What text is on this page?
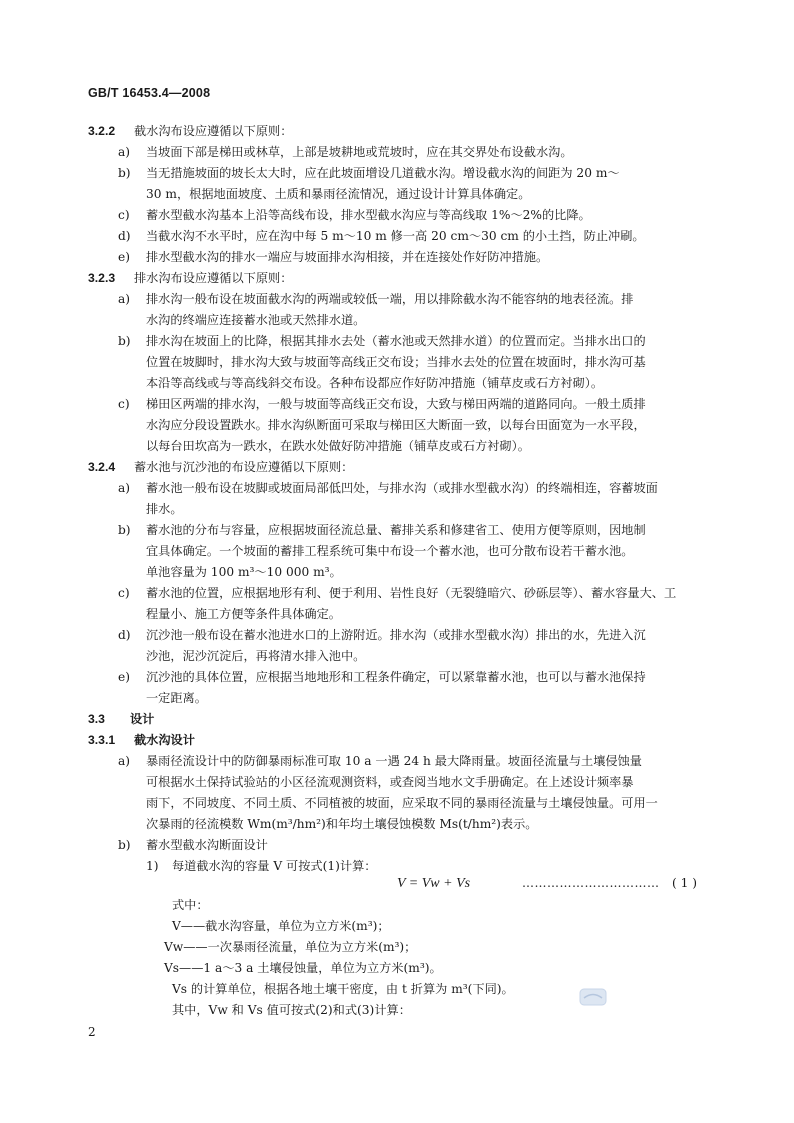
GB/T 16453.4—2008
3.2.2 截水沟布设应遵循以下原则：
a) 当坡面下部是梯田或林草，上部是坡耕地或荒坡时，应在其交界处布设截水沟。
b) 当无措施坡面的坡长太大时，应在此坡面增设几道截水沟。增设截水沟的间距为 20 m～
30 m，根据地面坡度、土质和暴雨径流情况，通过设计计算具体确定。
c) 蓄水型截水沟基本上沿等高线布设，排水型截水沟应与等高线取 1%～2%的比降。
d) 当截水沟不水平时，应在沟中每 5 m～10 m 修一高 20 cm～30 cm 的小土挡，防止冲刷。
e) 排水型截水沟的排水一端应与坡面排水沟相接，并在连接处作好防冲措施。
3.2.3 排水沟布设应遵循以下原则：
a) 排水沟一般布设在坡面截水沟的两端或较低一端，用以排除截水沟不能容纳的地表径流。排
水沟的终端应连接蓄水池或天然排水道。
b) 排水沟在坡面上的比降，根据其排水去处（蓄水池或天然排水道）的位置而定。当排水出口的
位置在坡脚时，排水沟大致与坡面等高线正交布设；当排水去处的位置在坡面时，排水沟可基
本沿等高线或与等高线斜交布设。各种布设都应作好防冲措施（铺草皮或石方衬砌）。
c) 梯田区两端的排水沟，一般与坡面等高线正交布设，大致与梯田两端的道路同向。一般土质排
水沟应分段设置跌水。排水沟纵断面可采取与梯田区大断面一致，以每台田面宽为一水平段，
以每台田坎高为一跌水，在跌水处做好防冲措施（铺草皮或石方衬砌）。
3.2.4 蓄水池与沉沙池的布设应遵循以下原则：
a) 蓄水池一般布设在坡脚或坡面局部低凹处，与排水沟（或排水型截水沟）的终端相连，容蓄坡面
排水。
b) 蓄水池的分布与容量，应根据坡面径流总量、蓄排关系和修建省工、使用方便等原则，因地制
宜具体确定。一个坡面的蓄排工程系统可集中布设一个蓄水池，也可分散布设若干蓄水池。
单池容量为 100 m³～10 000 m³。
c) 蓄水池的位置，应根据地形有利、便于利用、岩性良好（无裂缝暗穴、砂砾层等）、蓄水容量大、工
程量小、施工方便等条件具体确定。
d) 沉沙池一般布设在蓄水池进水口的上游附近。排水沟（或排水型截水沟）排出的水，先进入沉
沙池，泥沙沉淀后，再将清水排入池中。
e) 沉沙池的具体位置，应根据当地地形和工程条件确定，可以紧靠蓄水池，也可以与蓄水池保持
一定距离。
3.3 设计
3.3.1 截水沟设计
a) 暴雨径流设计中的防御暴雨标准可取 10 a 一遇 24 h 最大降雨量。坡面径流量与土壤侵蚀量
可根据水土保持试验站的小区径流观测资料，或查阅当地水文手册确定。在上述设计频率暴
雨下，不同坡度、不同土质、不同植被的坡面，应采取不同的暴雨径流量与土壤侵蚀量。可用一
次暴雨的径流模数 Wm(m³/hm²)和年均土壤侵蚀模数 Ms(t/hm²)表示。
b) 蓄水型截水沟断面设计
1) 每道截水沟的容量 V 可按式(1)计算：
V = Vw + Vs	…………………………… ( 1 )
式中：
V——截水沟容量，单位为立方米(m³)；
Vw——一次暴雨径流量，单位为立方米(m³)；
Vs——1 a～3 a 土壤侵蚀量，单位为立方米(m³)。
Vs 的计算单位，根据各地土壤干密度，由 t 折算为 m³(下同)。
其中，Vw 和 Vs 值可按式(2)和式(3)计算：
2
